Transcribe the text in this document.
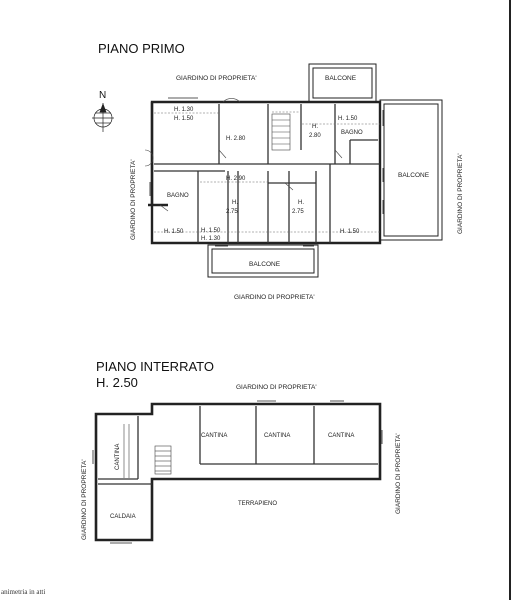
PIANO PRIMO
N
GIARDINO DI PROPRIETA'
GIARDINO DI PROPRIETA'
GIARDINO DI PROPRIETA'	GIARDINO DI PROPRIETA'
BALCONE
BALCONE
BALCONE
BAGNO
BAGNO
H. 1.30
H. 1.50
H. 2.80
H.
2.80
H. 1.50
H. 2.90
H.
2.75
H.
2.75
H. 1.50	H. 1.50
H. 1.30
H. 1.50
PIANO INTERRATO
H. 2.50	GIARDINO DI PROPRIETA'
GIARDINO DI PROPRIETA'	GIARDINO DI PROPRIETA'
CANTINA	CANTINA	CANTINA
CANTINA
CALDAIA
TERRAPIENO
animetria in atti
